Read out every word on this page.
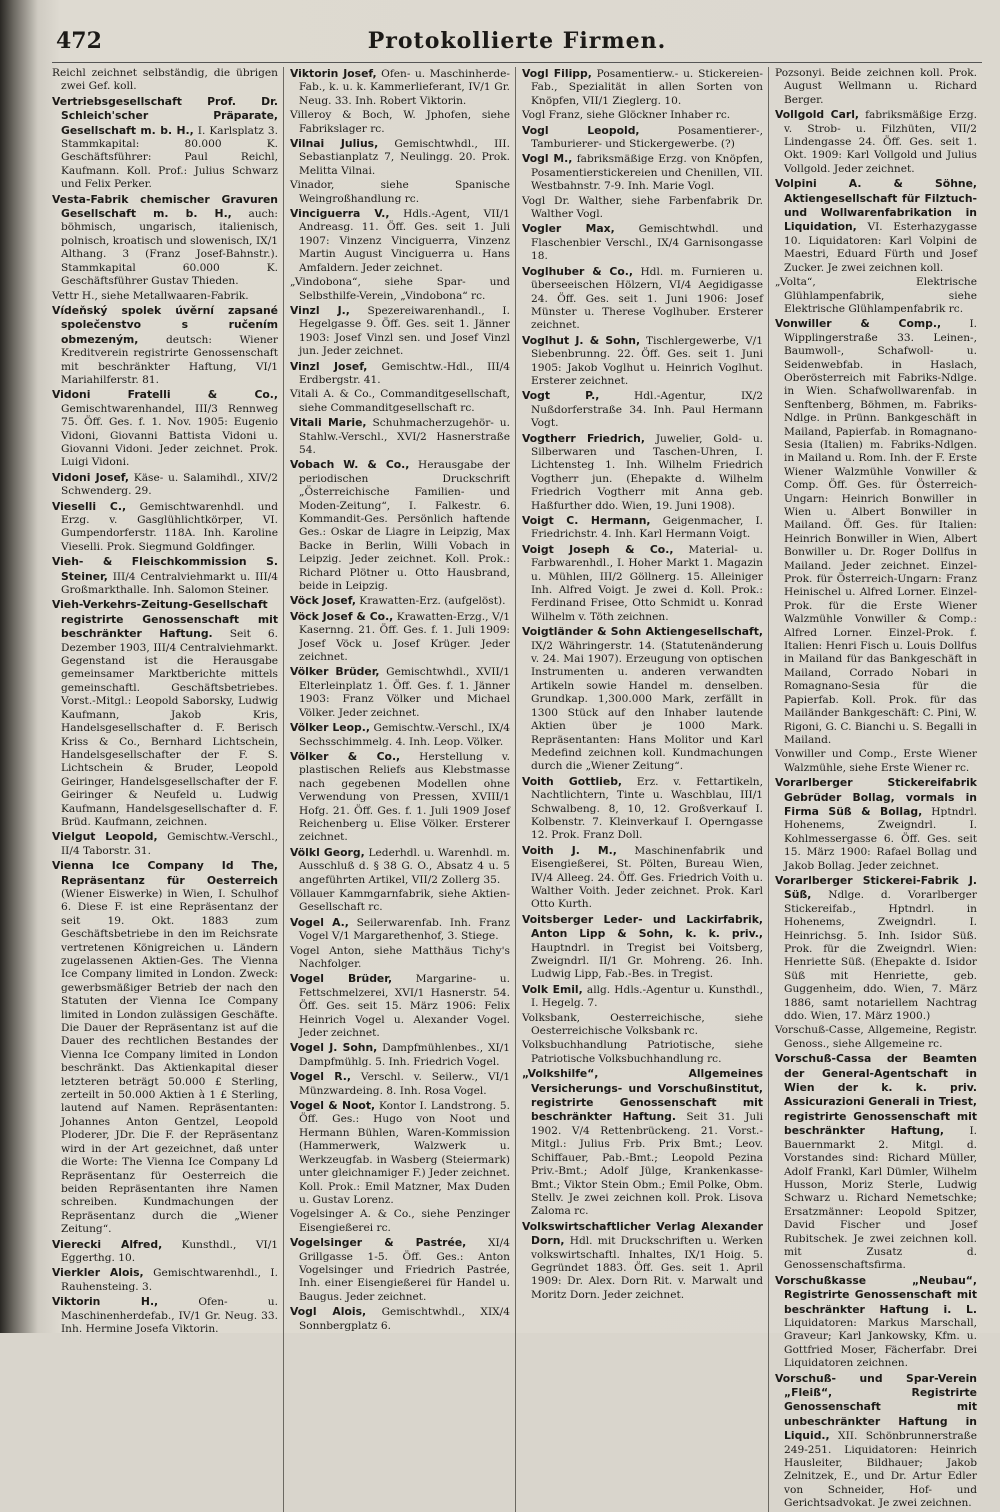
472	Protokollierte Firmen.

Reichl zeichnet selbständig, die übrigen zwei Gef. koll.

Vertriebsgesellschaft Prof. Dr. Schleich'scher Präparate, Gesellschaft m. b. H., I. Karlsplatz 3. Stammkapital: 80.000 K. Geschäftsführer: Paul Reichl, Kaufmann. Koll. Prof.: Julius Schwarz und Felix Perker.

Vesta-Fabrik chemischer Gravuren Gesellschaft m. b. H., auch: böhmisch, ungarisch, italienisch, polnisch, kroatisch und slowenisch, IX/1 Althang. 3 (Franz Josef-Bahnstr.). Stammkapital 60.000 K. Geschäftsführer Gustav Thieden.

Vettr H., siehe Metallwaaren-Fabrik.

Vídeňský spolek úvěrní zapsané společenstvo s ručením obmezeným,	deutsch: Wiener Kreditverein registrirte Genossenschaft mit beschränkter Haftung, VI/1 Mariahilferstr. 81.

Vidoni Fratelli & Co., Gemischtwarenhandel, III/3 Rennweg 75. Öff. Ges. f. 1. Nov. 1905: Eugenio Vidoni, Giovanni Battista Vidoni u. Giovanni Vidoni. Jeder zeichnet. Prok. Luigi Vidoni.

Vidoni Josef, Käse- u. Salamihdl., XIV/2 Schwenderg. 29.

Vieselli C., Gemischtwarenhdl. und Erzg. v. Gasglühlichtkörper, VI. Gumpendorferstr. 118A. Inh. Karoline Vieselli. Prok. Siegmund Goldfinger.

Vieh- & Fleischkommission S. Steiner, III/4 Centralviehmarkt u. III/4 Großmarkthalle. Inh. Salomon Steiner.

Vieh-Verkehrs-Zeitung-Gesellschaft registrirte Genossenschaft mit beschränkter Haftung. Seit 6. Dezember 1903, III/4 Centralviehmarkt. Gegenstand ist die Herausgabe gemeinsamer Marktberichte mittels gemeinschaftl. Geschäftsbetriebes. Vorst.-Mitgl.: Leopold Saborsky, Ludwig Kaufmann, Jakob Kris, Handelsgesellschafter d. F. Berisch Kriss & Co., Bernhard Lichtschein, Handelsgesellschafter der F. S. Lichtschein & Bruder, Leopold Geiringer, Handelsgesellschafter der F. Geiringer & Neufeld u. Ludwig Kaufmann, Handelsgesellschafter d. F. Brüd. Kaufmann, zeichnen.

Vielgut Leopold, Gemischtw.-Verschl., II/4 Taborstr. 31.

Vienna Ice Company Id The, Repräsentanz für Oesterreich (Wiener Eiswerke) in Wien, I. Schulhof 6. Diese F. ist eine Repräsentanz der seit 19. Okt. 1883 zum Geschäftsbetriebe in den im Reichsrate vertretenen Königreichen u. Ländern zugelassenen Aktien-Ges. The Vienna Ice Company limited in London. Zweck: gewerbsmäßiger Betrieb der nach den Statuten der Vienna Ice Company limited in London zulässigen Geschäfte. Die Dauer der Repräsentanz ist auf die Dauer des rechtlichen Bestandes der Vienna Ice Company limited in London beschränkt. Das Aktienkapital dieser letzteren beträgt 50.000 £ Sterling, zerteilt in 50.000 Aktien à 1 £ Sterling, lautend auf Namen. Repräsentanten: Johannes Anton Gentzel, Leopold Ploderer, JDr. Die F. der Repräsentanz wird in der Art gezeichnet, daß unter die Worte: The Vienna Ice Company Ld Repräsentanz für Oesterreich die beiden Repräsentanten ihre Namen schreiben. Kundmachungen der Repräsentanz durch die „Wiener Zeitung“.

Vierecki Alfred, Kunsthdl., VI/1 Eggerthg. 10.

Vierkler Alois, Gemischtwarenhdl., I. Rauhensteing. 3.

Viktorin H.,	Ofen- u. Maschinenherdefab., IV/1 Gr. Neug. 33. Inh. Hermine Josefa Viktorin.

Viktorin Josef, Ofen- u. Maschinherde-Fab., k. u. k. Kammerlieferant, IV/1 Gr. Neug. 33. Inh. Robert Viktorin.

Villeroy & Boch, W. Jphofen, siehe Fabrikslager rc.

Vilnai Julius, Gemischtwhdl., III. Sebastianplatz 7, Neulingg. 20. Prok. Melitta Vilnai.

Vinador, siehe Spanische Weingroßhandlung rc.

Vinciguerra V., Hdls.-Agent, VII/1 Andreasg. 11. Öff. Ges. seit 1. Juli 1907: Vinzenz Vinciguerra, Vinzenz Martin August Vinciguerra u. Hans Amfaldern. Jeder zeichnet.

„Vindobona“, siehe Spar- und Selbsthilfe-Verein, „Vindobona“ rc.

Vinzl J., Spezereiwarenhandl., I. Hegelgasse 9. Öff. Ges. seit 1. Jänner 1903: Josef Vinzl sen. und Josef Vinzl jun. Jeder zeichnet.

Vinzl Josef, Gemischtw.-Hdl., III/4 Erdbergstr. 41.

Vitali A. & Co., Commanditgesellschaft, siehe Commanditgesellschaft rc.

Vitali Marie, Schuhmacherzugehör- u. Stahlw.-Verschl., XVI/2 Hasnerstraße 54.

Vobach W. & Co., Herausgabe der periodischen Druckschrift „Österreichische Familien- und Moden-Zeitung“, I. Falkestr. 6. Kommandit-Ges. Persönlich haftende Ges.: Oskar de Liagre in Leipzig, Max Backe in Berlin, Willi Vobach in Leipzig. Jeder zeichnet. Koll. Prok.: Richard Plötner u. Otto Hausbrand, beide in Leipzig.

Vöck Josef, Krawatten-Erz. (aufgelöst).

Vöck Josef & Co., Krawatten-Erzg., V/1 Kasernng. 21. Öff. Ges. f. 1. Juli 1909: Josef Vöck u. Josef Krüger. Jeder zeichnet.

Völker Brüder, Gemischtwhdl., XVII/1 Elterleinplatz 1. Öff. Ges. f. 1. Jänner 1903: Franz Völker und Michael Völker. Jeder zeichnet.

Völker Leop., Gemischtw.-Verschl., IX/4 Sechsschimmelg. 4. Inh. Leop. Völker.

Völker & Co., Herstellung v. plastischen Reliefs aus Klebstmasse nach gegebenen Modellen ohne Verwendung von Pressen, XVIII/1 Hofg. 21. Öff. Ges. f. 1. Juli 1909 Josef Reichenberg u. Elise Völker. Ersterer zeichnet.

Völkl Georg, Lederhdl. u. Warenhdl. m. Ausschluß d. § 38 G. O., Absatz 4 u. 5 angeführten Artikel, VII/2 Zollerg 35.

Völlauer Kammgarnfabrik, siehe Aktien-Gesellschaft rc.

Vogel A., Seilerwarenfab. Inh. Franz Vogel V/1 Margarethenhof, 3. Stiege.

Vogel Anton, siehe Matthäus Tichy's Nachfolger.

Vogel Brüder, Margarine- u. Fettschmelzerei, XVI/1 Hasnerstr. 54. Öff. Ges. seit 15. März 1906: Felix Heinrich Vogel u. Alexander Vogel. Jeder zeichnet.

Vogel J. Sohn, Dampfmühlenbes., XI/1 Dampfmühlg. 5. Inh. Friedrich Vogel.

Vogel R., Verschl. v. Seilerw., VI/1 Münzwardeing. 8. Inh. Rosa Vogel.

Vogel & Noot, Kontor I. Landstrong. 5. Öff. Ges.: Hugo von Noot und Hermann Bühlen, Waren-Kommission (Hammerwerk, Walzwerk u. Werkzeugfab. in Wasberg (Steiermark) unter gleichnamiger F.) Jeder zeichnet. Koll. Prok.: Emil Matzner, Max Duden u. Gustav Lorenz.

Vogelsinger A. & Co., siehe Penzinger Eisengießerei rc.

Vogelsinger & Pastrée, XI/4 Grillgasse 1-5. Öff. Ges.: Anton Vogelsinger und Friedrich Pastrée, Inh. einer Eisengießerei für Handel u. Baugus. Jeder zeichnet.

Vogl Alois, Gemischtwhdl., XIX/4 Sonnbergplatz 6.

Vogl Filipp, Posamentierw.- u. Stickereien-Fab., Spezialität in allen Sorten von Knöpfen, VII/1 Zieglerg. 10.

Vogl Franz, siehe Glöckner Inhaber rc.

Vogl Leopold,	Posamentierer-, Tamburierer- und Stickergewerbe. (?)

Vogl M., fabriksmäßige Erzg. von Knöpfen, Posamentierstickereien und Chenillen, VII. Westbahnstr. 7-9. Inh. Marie Vogl.

Vogl Dr. Walther, siehe Farbenfabrik Dr. Walther Vogl.

Vogler Max, Gemischtwhdl. und Flaschenbier Verschl., IX/4 Garnisongasse 18.

Voglhuber & Co., Hdl. m. Furnieren u. überseeischen Hölzern, VI/4 Aegidigasse 24. Öff. Ges. seit 1. Juni 1906: Josef Münster u. Therese Voglhuber. Ersterer zeichnet.

Voglhut J. & Sohn, Tischlergewerbe, V/1 Siebenbrunng. 22. Öff. Ges. seit 1. Juni 1905: Jakob Voglhut u. Heinrich Voglhut. Ersterer zeichnet.

Vogt P.,	Hdl.-Agentur, IX/2 Nußdorferstraße 34. Inh. Paul Hermann Vogt.

Vogtherr Friedrich, Juwelier, Gold- u. Silberwaren und Taschen-Uhren, I. Lichtensteg 1. Inh. Wilhelm Friedrich Vogtherr jun. (Ehepakte d. Wilhelm Friedrich Vogtherr mit Anna geb. Haßfurther ddo. Wien, 19. Juni 1908).

Voigt C. Hermann, Geigenmacher, I. Friedrichstr. 4. Inh. Karl Hermann Voigt.

Voigt Joseph & Co., Material- u. Farbwarenhdl., I. Hoher Markt 1. Magazin u. Mühlen, III/2 Göllnerg. 15. Alleiniger Inh. Alfred Voigt. Je zwei d. Koll. Prok.: Ferdinand Frisee, Otto Schmidt u. Konrad Wilhelm v. Töth zeichnen.

Voigtländer & Sohn Aktiengesellschaft, IX/2 Währingerstr. 14. (Statutenänderung v. 24. Mai 1907). Erzeugung von optischen Instrumenten u. anderen verwandten Artikeln sowie Handel m. denselben. Grundkap. 1,300.000 Mark, zerfällt in 1300 Stück auf den Inhaber lautende Aktien über je 1000 Mark. Repräsentanten: Hans Molitor und Karl Medefind zeichnen koll. Kundmachungen durch die „Wiener Zeitung“.

Voith Gottlieb, Erz. v. Fettartikeln, Nachtlichtern, Tinte u. Waschblau, III/1 Schwalbeng. 8, 10, 12. Großverkauf I. Kolbenstr. 7. Kleinverkauf I. Operngasse 12. Prok. Franz Doll.

Voith J. M., Maschinenfabrik und Eisengießerei, St. Pölten, Bureau Wien, IV/4 Alleeg. 24. Öff. Ges. Friedrich Voith u. Walther Voith. Jeder zeichnet. Prok. Karl Otto Kurth.

Voitsberger Leder- und Lackirfabrik, Anton Lipp & Sohn, k. k. priv., Hauptndrl. in Tregist bei Voitsberg, Zweigndrl. II/1 Gr. Mohreng. 26. Inh. Ludwig Lipp, Fab.-Bes. in Tregist.

Volk Emil, allg. Hdls.-Agentur u. Kunsthdl., I. Hegelg. 7.

Volksbank, Oesterreichische, siehe Oesterreichische Volksbank rc.

Volksbuchhandlung Patriotische, siehe Patriotische Volksbuchhandlung rc.

„Volkshilfe“, Allgemeines Versicherungs- und Vorschußinstitut, registrirte Genossenschaft mit beschränkter Haftung. Seit 31. Juli 1902. V/4 Rettenbrückeng. 21. Vorst.-Mitgl.: Julius Frb. Prix Bmt.; Leov. Schiffauer, Pab.-Bmt.; Leopold Pezina Priv.-Bmt.; Adolf Jülge, Krankenkasse-Bmt.; Viktor Stein Obm.; Emil Polke, Obm. Stellv. Je zwei zeichnen koll. Prok. Lisova Zaloma rc.

Volkswirtschaftlicher Verlag Alexander Dorn, Hdl. mit Druckschriften u. Werken volkswirtschaftl. Inhaltes, IX/1 Hoig. 5. Gegründet 1883. Öff. Ges. seit 1. April 1909: Dr. Alex. Dorn Rit. v. Marwalt und Moritz Dorn. Jeder zeichnet.

Pozsonyi. Beide zeichnen koll. Prok. August Wellmann u. Richard Berger.

Vollgold Carl, fabriksmäßige Erzg. v. Strob- u. Filzhüten, VII/2 Lindengasse 24. Öff. Ges. seit 1. Okt. 1909: Karl Vollgold und Julius Vollgold. Jeder zeichnet.

Volpini A. & Söhne, Aktiengesellschaft für Filztuch- und Wollwarenfabrikation in Liquidation, VI. Esterhazygasse 10. Liquidatoren: Karl Volpini de Maestri, Eduard Fürth und Josef Zucker. Je zwei zeichnen koll.

„Volta“, Elektrische Glühlampenfabrik, siehe Elektrische Glühlampenfabrik rc.

Vonwiller & Comp.,	I. Wipplingerstraße 33. Leinen-, Baumwoll-, Schafwoll- u. Seidenwebfab. in Haslach, Oberösterreich mit Fabriks-Ndlge. in Wien. Schafwollwarenfab. in Senftenberg, Böhmen, m. Fabriks-Ndlge. in Prünn. Bankgeschäft in Mailand, Papierfab. in Romagnano-Sesia (Italien) m. Fabriks-Ndlgen. in Mailand u. Rom. Inh. der F. Erste Wiener Walzmühle Vonwiller & Comp. Öff. Ges. für Österreich-Ungarn: Heinrich Bonwiller in Wien u. Albert Bonwiller in Mailand. Öff. Ges. für Italien: Heinrich Bonwiller in Wien, Albert Bonwiller u. Dr. Roger Dollfus in Mailand. Jeder zeichnet. Einzel-Prok. für Österreich-Ungarn: Franz Heinischel u. Alfred Lorner. Einzel-Prok. für die Erste Wiener Walzmühle Vonwiller & Comp.: Alfred Lorner. Einzel-Prok. f. Italien: Henri Fisch u. Louis Dollfus in Mailand für das Bankgeschäft in Mailand, Corrado Nobari in Romagnano-Sesia für die Papierfab. Koll. Prok. für das Mailänder Bankgeschäft: C. Pini, W. Rigoni, G. C. Bianchi u. S. Begalli in Mailand.

Vonwiller und Comp., Erste Wiener Walzmühle, siehe Erste Wiener rc.

Vorarlberger Stickereifabrik Gebrüder Bollag, vormals in Firma Süß & Bollag, Hptndrl. Hohenems, Zweigndrl. I. Kohlmessergasse 6. Öff. Ges. seit 15. März 1900: Rafael Bollag und Jakob Bollag. Jeder zeichnet.

Vorarlberger Stickerei-Fabrik J. Süß, Ndlge. d. Vorarlberger Stickereifab., Hptndrl. in Hohenems, Zweigndrl. I. Heinrichsg. 5. Inh. Isidor Süß. Prok. für die Zweigndrl. Wien: Henriette Süß. (Ehepakte d. Isidor Süß mit Henriette, geb. Guggenheim, ddo. Wien, 7. März 1886, samt notariellem Nachtrag ddo. Wien, 17. März 1900.)

Vorschuß-Casse, Allgemeine, Registr. Genoss., siehe Allgemeine rc.

Vorschuß-Cassa der Beamten der General-Agentschaft in Wien der k. k. priv. Assicurazioni Generali in Triest, registrirte Genossenschaft mit beschränkter Haftung, I. Bauernmarkt 2. Mitgl. d. Vorstandes sind: Richard Müller, Adolf Frankl, Karl Dümler, Wilhelm Husson, Moriz Sterle, Ludwig Schwarz u. Richard Nemetschke; Ersatzmänner: Leopold Spitzer, David Fischer und Josef Rubitschek. Je zwei zeichnen koll. mit Zusatz d. Genossenschaftsfirma.

Vorschußkasse „Neubau“, Registrirte Genossenschaft mit beschränkter Haftung i. L. Liquidatoren: Markus Marschall, Graveur; Karl Jankowsky, Kfm. u. Gottfried Moser, Fächerfabr. Drei Liquidatoren zeichnen.

Vorschuß- und Spar-Verein „Fleiß“, Registrirte Genossenschaft mit unbeschränkter Haftung in Liquid., XII. Schönbrunnerstraße 249-251. Liquidatoren: Heinrich Hausleiter, Bildhauer; Jakob Zelnitzek, E., und Dr. Artur Edler von Schneider, Hof- und Gerichtsadvokat. Je zwei zeichnen.
